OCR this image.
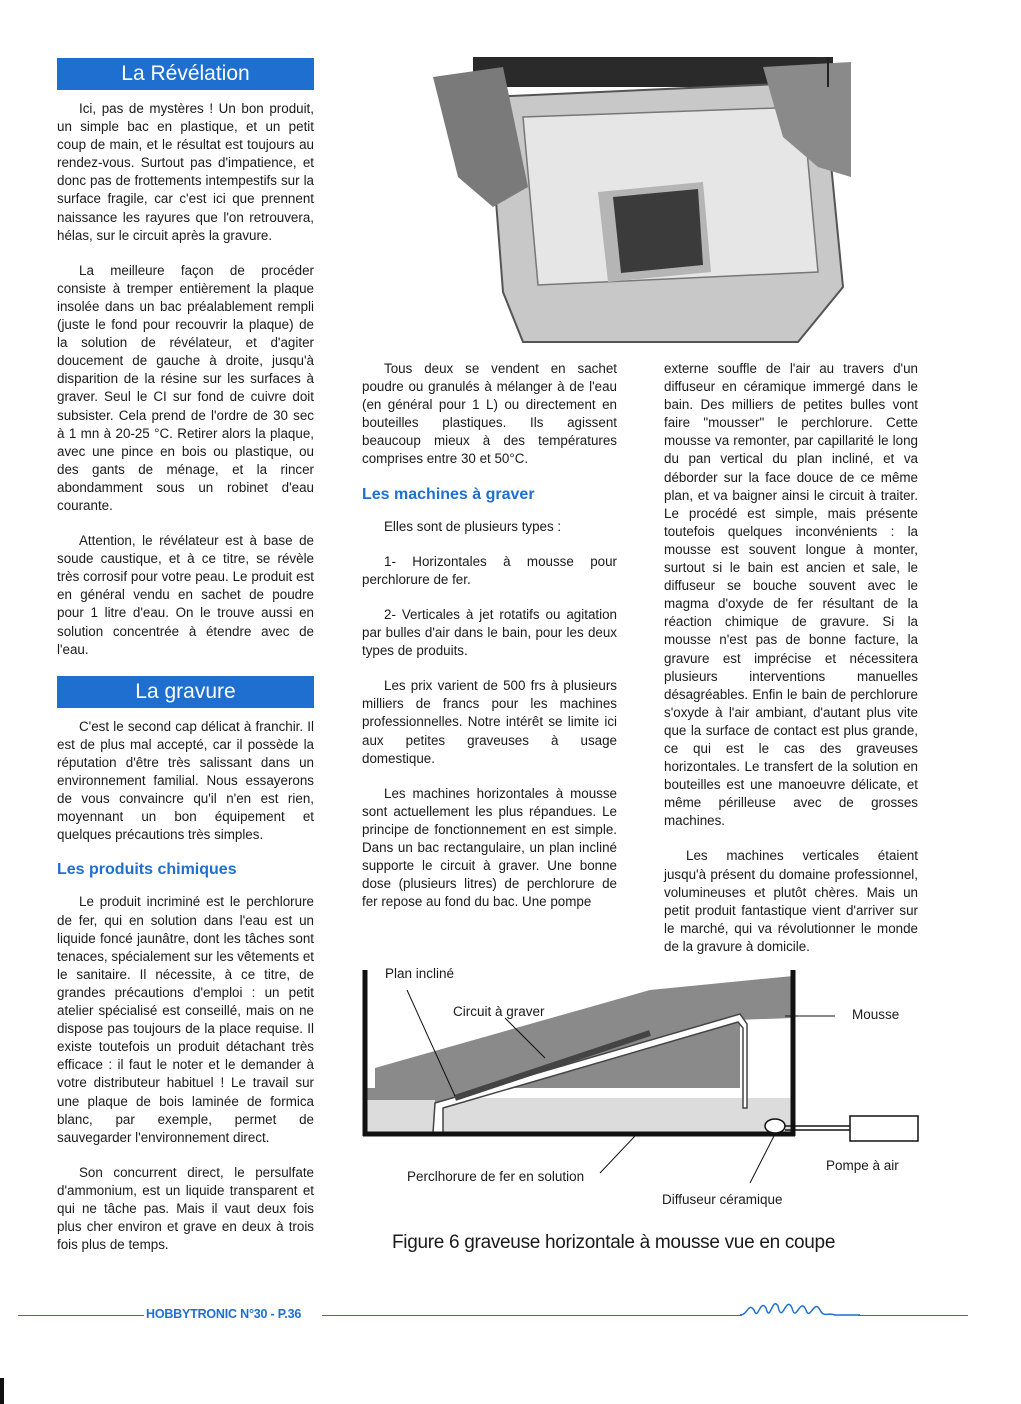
La Révélation

Ici, pas de mystères ! Un bon produit, un simple bac en plastique, et un petit coup de main, et le résultat est toujours au rendez-vous. Surtout pas d'impatience, et donc pas de frottements intempestifs sur la surface fragile, car c'est ici que prennent naissance les rayures que l'on retrouvera, hélas, sur le circuit après la gravure.

La meilleure façon de procéder consiste à tremper entièrement la plaque insolée dans un bac préalablement rempli (juste le fond pour recouvrir la plaque) de la solution de révélateur, et d'agiter doucement de gauche à droite, jusqu'à disparition de la résine sur les surfaces à graver. Seul le CI sur fond de cuivre doit subsister. Cela prend de l'ordre de 30 sec à 1 mn à 20-25 °C. Retirer alors la plaque, avec une pince en bois ou plastique, ou des gants de ménage, et la rincer abondamment sous un robinet d'eau courante.

Attention, le révélateur est à base de soude caustique, et à ce titre, se révèle très corrosif pour votre peau. Le produit est en général vendu en sachet de poudre pour 1 litre d'eau. On le trouve aussi en solution concentrée à étendre avec de l'eau.

La gravure

C'est le second cap délicat à franchir. Il est de plus mal accepté, car il possède la réputation d'être très salissant dans un environnement familial. Nous essayerons de vous convaincre qu'il n'en est rien, moyennant un bon équipement et quelques précautions très simples.

Les produits chimiques

Le produit incriminé est le perchlorure de fer, qui en solution dans l'eau est un liquide foncé jaunâtre, dont les tâches sont tenaces, spécialement sur les vêtements et le sanitaire. Il nécessite, à ce titre, de grandes précautions d'emploi : un petit atelier spécialisé est conseillé, mais on ne dispose pas toujours de la place requise. Il existe toutefois un produit détachant très efficace : il faut le noter et le demander à votre distributeur habituel ! Le travail sur une plaque de bois laminée de formica blanc, par exemple, permet de sauvegarder l'environnement direct.

Son concurrent direct, le persulfate d'ammonium, est un liquide transparent et qui ne tâche pas. Mais il vaut deux fois plus cher environ et grave en deux à trois fois plus de temps.

Tous deux se vendent en sachet poudre ou granulés à mélanger à de l'eau (en général pour 1 L) ou directement en bouteilles plastiques. Ils agissent beaucoup mieux à des températures comprises entre 30 et 50°C.

Les machines à graver

Elles sont de plusieurs types :

1- Horizontales à mousse pour perchlorure de fer.

2- Verticales à jet rotatifs ou agitation par bulles d'air dans le bain, pour les deux types de produits.

Les prix varient de 500 frs à plusieurs milliers de francs pour les machines professionnelles. Notre intérêt se limite ici aux petites graveuses à usage domestique.

Les machines horizontales à mousse sont actuellement les plus répandues. Le principe de fonctionnement en est simple. Dans un bac rectangulaire, un plan incliné supporte le circuit à graver. Une bonne dose (plusieurs litres) de perchlorure de fer repose au fond du bac. Une pompe

externe souffle de l'air au travers d'un diffuseur en céramique immergé dans le bain. Des milliers de petites bulles vont faire "mousser" le perchlorure. Cette mousse va remonter, par capillarité le long du pan vertical du plan incliné, et va déborder sur la face douce de ce même plan, et va baigner ainsi le circuit à traiter. Le procédé est simple, mais présente toutefois quelques inconvénients : la mousse est souvent longue à monter, surtout si le bain est ancien et sale, le diffuseur se bouche souvent avec le magma d'oxyde de fer résultant de la réaction chimique de gravure. Si la mousse n'est pas de bonne facture, la gravure est imprécise et nécessitera plusieurs interventions manuelles désagréables. Enfin le bain de perchlorure s'oxyde à l'air ambiant, d'autant plus vite que la surface de contact est plus grande, ce qui est le cas des graveuses horizontales. Le transfert de la solution en bouteilles est une manoeuvre délicate, et même périlleuse avec de grosses machines.

Les machines verticales étaient jusqu'à présent du domaine professionnel, volumineuses et plutôt chères. Mais un petit produit fantastique vient d'arriver sur le marché, qui va révolutionner le monde de la gravure à domicile.

Plan incliné
Circuit à graver	Mousse
Perclhorure de fer en solution
Pompe à air
Diffuseur céramique
Figure 6 graveuse horizontale à mousse vue en coupe
HOBBYTRONIC N°30 - P.36
